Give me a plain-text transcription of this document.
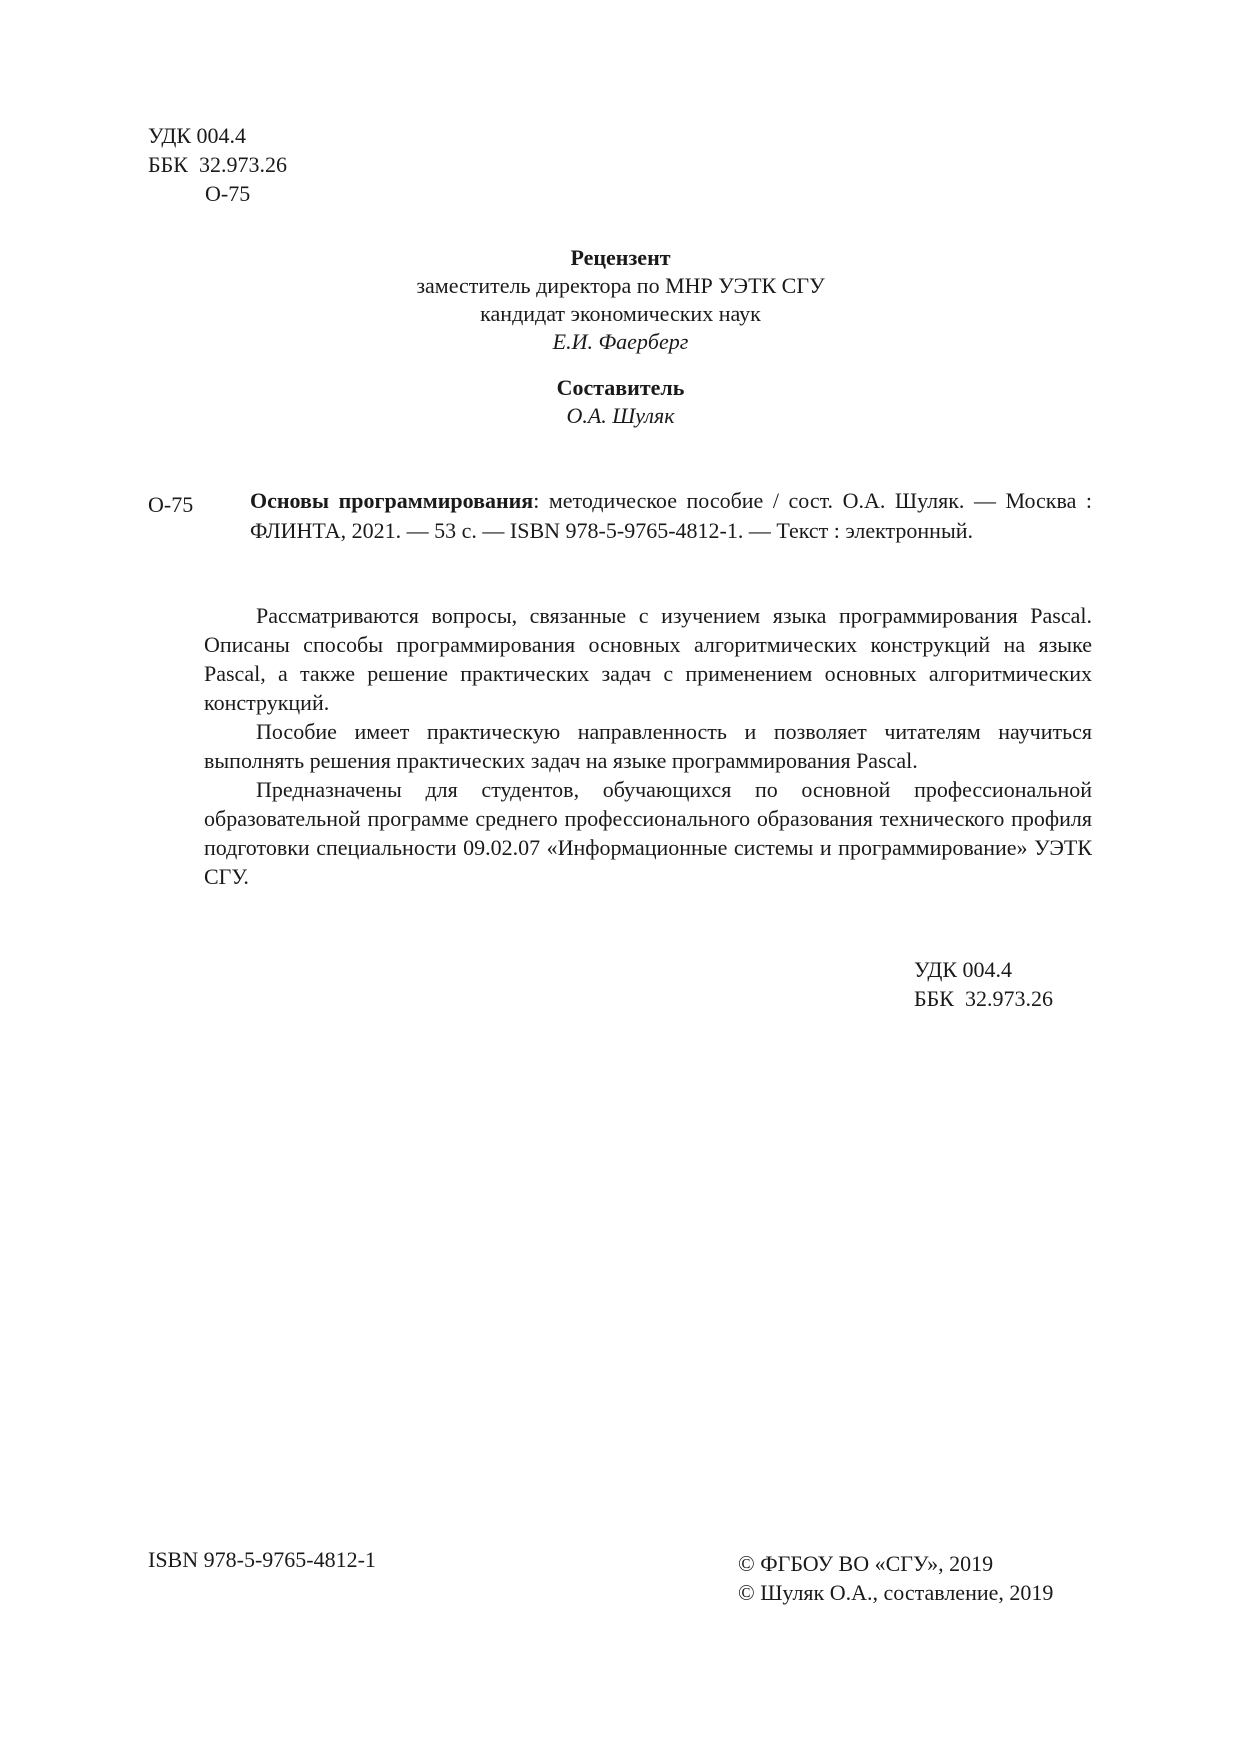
УДК 004.4
ББК  32.973.26
О-75
Рецензент
заместитель директора по МНР УЭТК СГУ
кандидат экономических наук
Е.И. Фаерберг
Составитель
О.А. Шуляк
О-75	Основы программирования: методическое пособие / сост. О.А. Шуляк. — Москва : ФЛИНТА, 2021. — 53 с. — ISBN 978-5-9765-4812-1. — Текст : электронный.

Рассматриваются вопросы, связанные с изучением языка программирования Pascal. Описаны способы программирования основных алгоритмических конструкций на языке Pascal, а также решение практических задач с применением основных алгоритмических конструкций.

Пособие имеет практическую направленность и позволяет читателям научиться выполнять решения практических задач на языке программирования Pascal.

Предназначены для студентов, обучающихся по основной профессиональной образовательной программе среднего профессионального образования технического профиля подготовки специальности 09.02.07 «Информационные системы и программирование» УЭТК СГУ.

УДК 004.4
ББК  32.973.26
ISBN 978-5-9765-4812-1	© ФГБОУ ВО «СГУ», 2019
© Шуляк О.А., составление, 2019
